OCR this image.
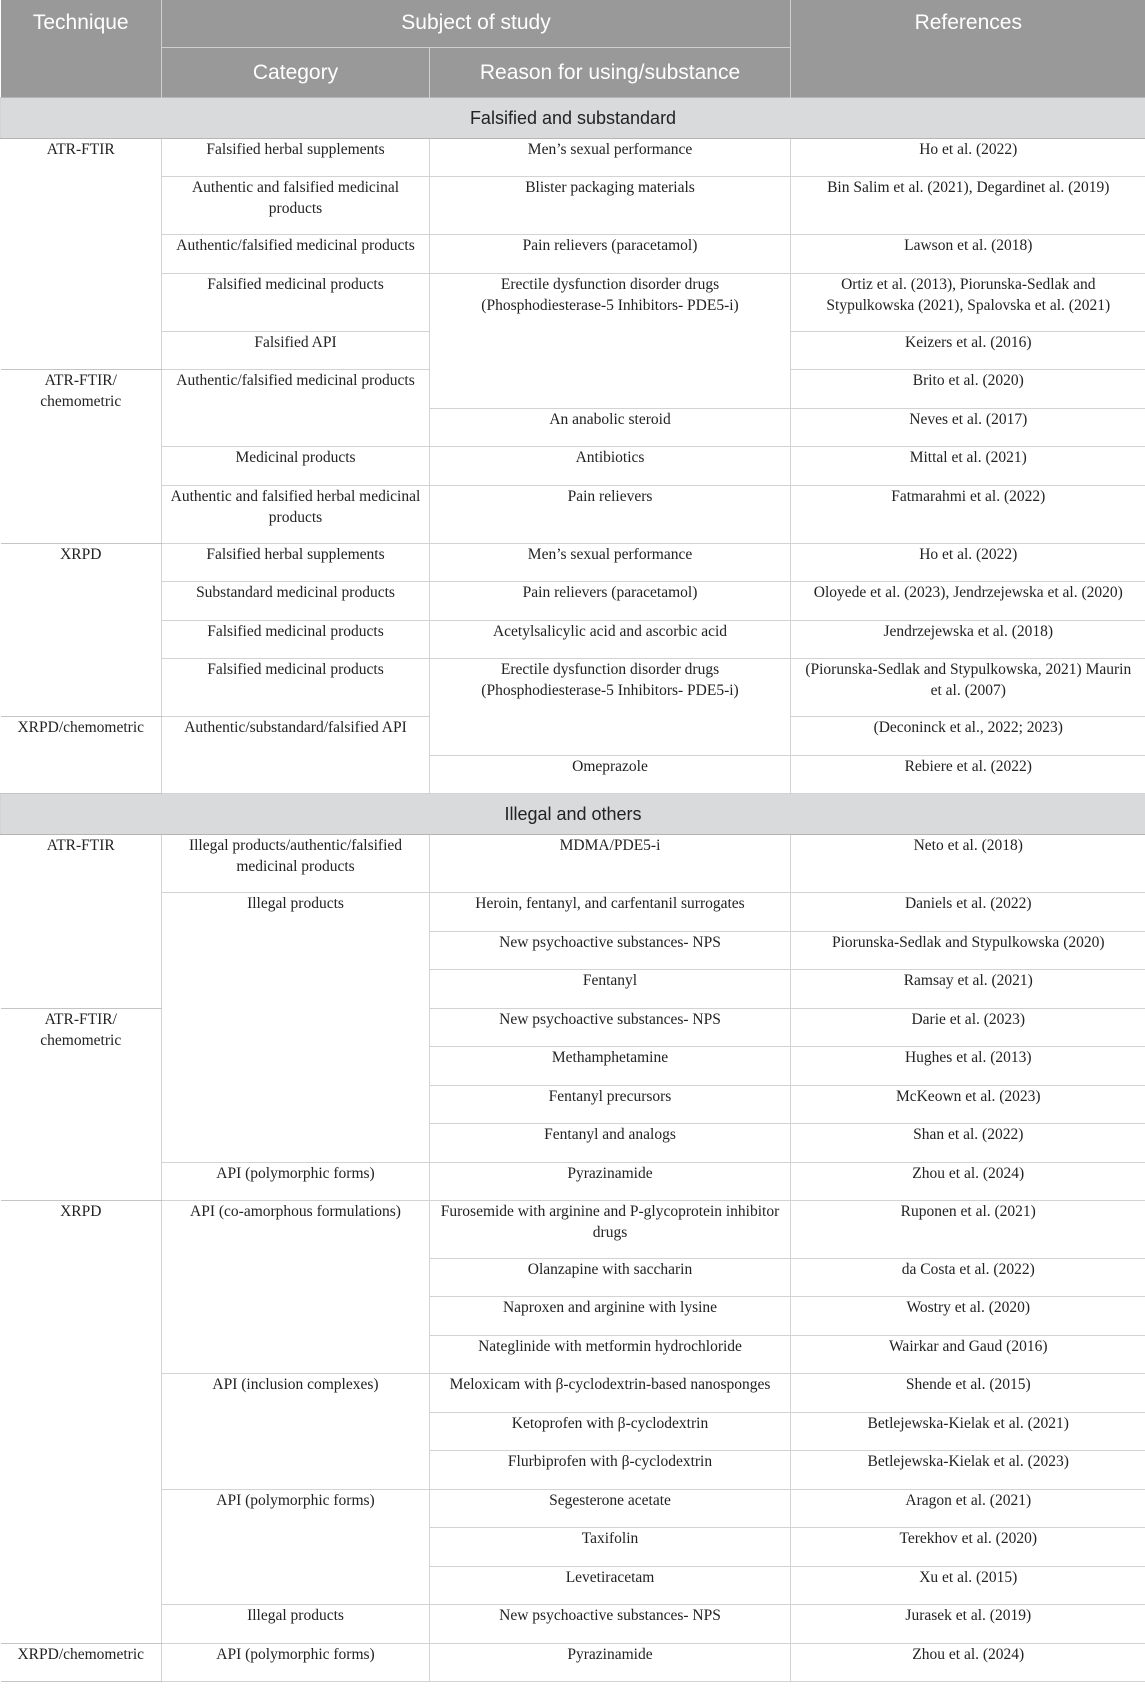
Technique	Subject of study		References
	Category	Reason for using/substance	
Falsified and substandard			
ATR-FTIR	Falsified herbal supplements	Men’s sexual performance	Ho et al. (2022)
	Authentic and falsified medicinal products	Blister packaging materials	Bin Salim et al. (2021), Degardinet al. (2019)
	Authentic/falsified medicinal products	Pain relievers (paracetamol)	Lawson et al. (2018)
	Falsified medicinal products	Erectile dysfunction disorder drugs (Phosphodiesterase-5 Inhibitors- PDE5-i)	Ortiz et al. (2013), Piorunska-Sedlak and Stypulkowska (2021), Spalovska et al. (2021)
	Falsified API		Keizers et al. (2016)
ATR-FTIR/ chemometric	Authentic/falsified medicinal products		Brito et al. (2020)
		An anabolic steroid	Neves et al. (2017)
	Medicinal products	Antibiotics	Mittal et al. (2021)
	Authentic and falsified herbal medicinal products	Pain relievers	Fatmarahmi et al. (2022)
XRPD	Falsified herbal supplements	Men’s sexual performance	Ho et al. (2022)
	Substandard medicinal products	Pain relievers (paracetamol)	Oloyede et al. (2023), Jendrzejewska et al. (2020)
	Falsified medicinal products	Acetylsalicylic acid and ascorbic acid	Jendrzejewska et al. (2018)
	Falsified medicinal products	Erectile dysfunction disorder drugs (Phosphodiesterase-5 Inhibitors- PDE5-i)	(Piorunska-Sedlak and Stypulkowska, 2021) Maurin et al. (2007)
XRPD/chemometric	Authentic/substandard/falsified API		(Deconinck et al., 2022; 2023)
		Omeprazole	Rebiere et al. (2022)
Illegal and others			
ATR-FTIR	Illegal products/authentic/falsified medicinal products	MDMA/PDE5-i	Neto et al. (2018)
	Illegal products	Heroin, fentanyl, and carfentanil surrogates	Daniels et al. (2022)
		New psychoactive substances- NPS	Piorunska-Sedlak and Stypulkowska (2020)
		Fentanyl	Ramsay et al. (2021)
ATR-FTIR/ chemometric		New psychoactive substances- NPS	Darie et al. (2023)
		Methamphetamine	Hughes et al. (2013)
		Fentanyl precursors	McKeown et al. (2023)
		Fentanyl and analogs	Shan et al. (2022)
	API (polymorphic forms)	Pyrazinamide	Zhou et al. (2024)
XRPD	API (co-amorphous formulations)	Furosemide with arginine and P-glycoprotein inhibitor drugs	Ruponen et al. (2021)
		Olanzapine with saccharin	da Costa et al. (2022)
		Naproxen and arginine with lysine	Wostry et al. (2020)
		Nateglinide with metformin hydrochloride	Wairkar and Gaud (2016)
	API (inclusion complexes)	Meloxicam with β-cyclodextrin-based nanosponges	Shende et al. (2015)
		Ketoprofen with β-cyclodextrin	Betlejewska-Kielak et al. (2021)
		Flurbiprofen with β-cyclodextrin	Betlejewska-Kielak et al. (2023)
	API (polymorphic forms)	Segesterone acetate	Aragon et al. (2021)
		Taxifolin	Terekhov et al. (2020)
		Levetiracetam	Xu et al. (2015)
	Illegal products	New psychoactive substances- NPS	Jurasek et al. (2019)
XRPD/chemometric	API (polymorphic forms)	Pyrazinamide	Zhou et al. (2024)
